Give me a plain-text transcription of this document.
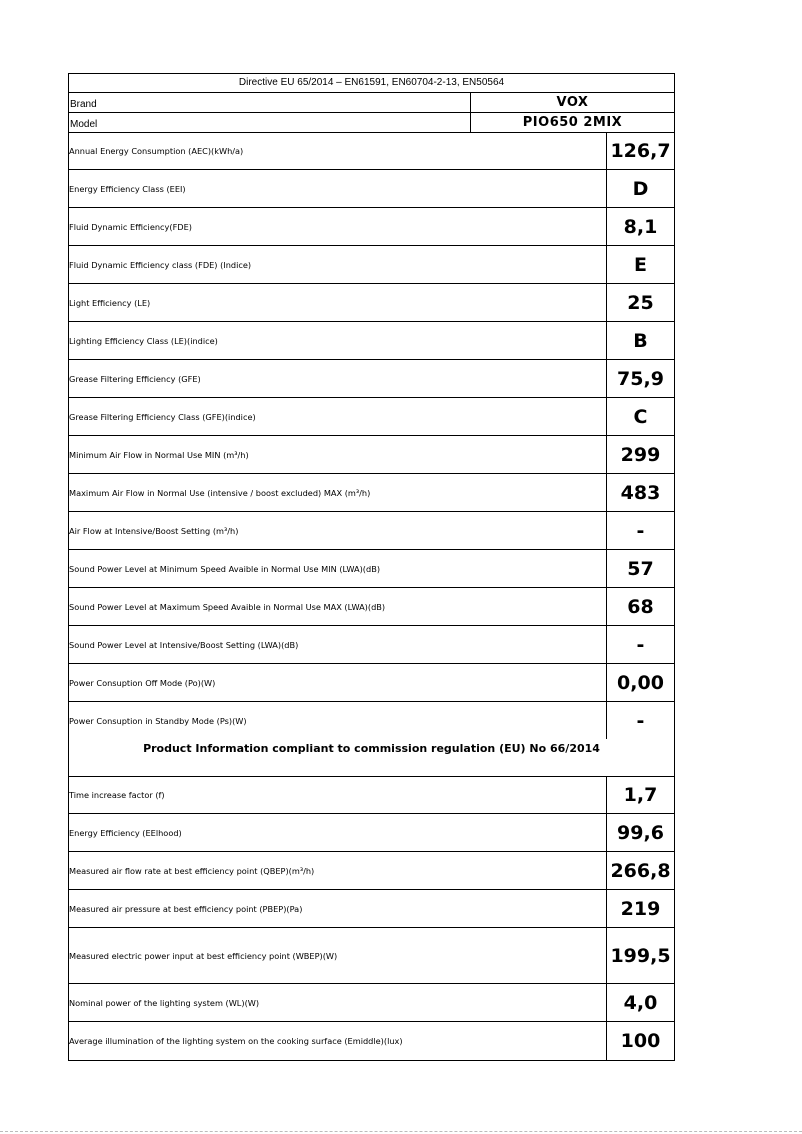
Directive EU 65/2014 – EN61591, EN60704-2-13, EN50564
Brand	VOX
Model	PIO650 2MIX
Annual Energy Consumption (AEC)(kWh/a)	126,7
Energy Efficiency Class (EEI)	D
Fluid Dynamic Efficiency(FDE)	8,1
Fluid Dynamic Efficiency class (FDE) (Indice)	E
Light Efficiency (LE)	25
Lighting Efficiency Class (LE)(indice)	B
Grease Filtering Efficiency (GFE)	75,9
Grease Filtering Efficiency Class (GFE)(indice)	C
Minimum Air Flow in Normal Use MIN (m³/h)	299
Maximum Air Flow in Normal Use (intensive / boost excluded) MAX (m³/h)	483
Air Flow at Intensive/Boost Setting (m³/h)	-
Sound Power Level at Minimum Speed Avaible in Normal Use MIN (LWA)(dB)	57
Sound Power Level at Maximum Speed Avaible in Normal Use MAX (LWA)(dB)	68
Sound Power Level at Intensive/Boost Setting (LWA)(dB)	-
Power Consuption Off Mode (Po)(W)	0,00
Power Consuption in Standby Mode (Ps)(W)	-
Product Information compliant to commission regulation (EU) No 66/2014
Time increase factor (f)	1,7
Energy Efficiency (EElhood)	99,6
Measured air flow rate at best efficiency point (QBEP)(m³/h)	266,8
Measured air pressure at best efficiency point (PBEP)(Pa)	219
Measured electric power input at best efficiency point (WBEP)(W)	199,5
Nominal power of the lighting system (WL)(W)	4,0
Average illumination of the lighting system on the cooking surface (Emiddle)(lux)	100
